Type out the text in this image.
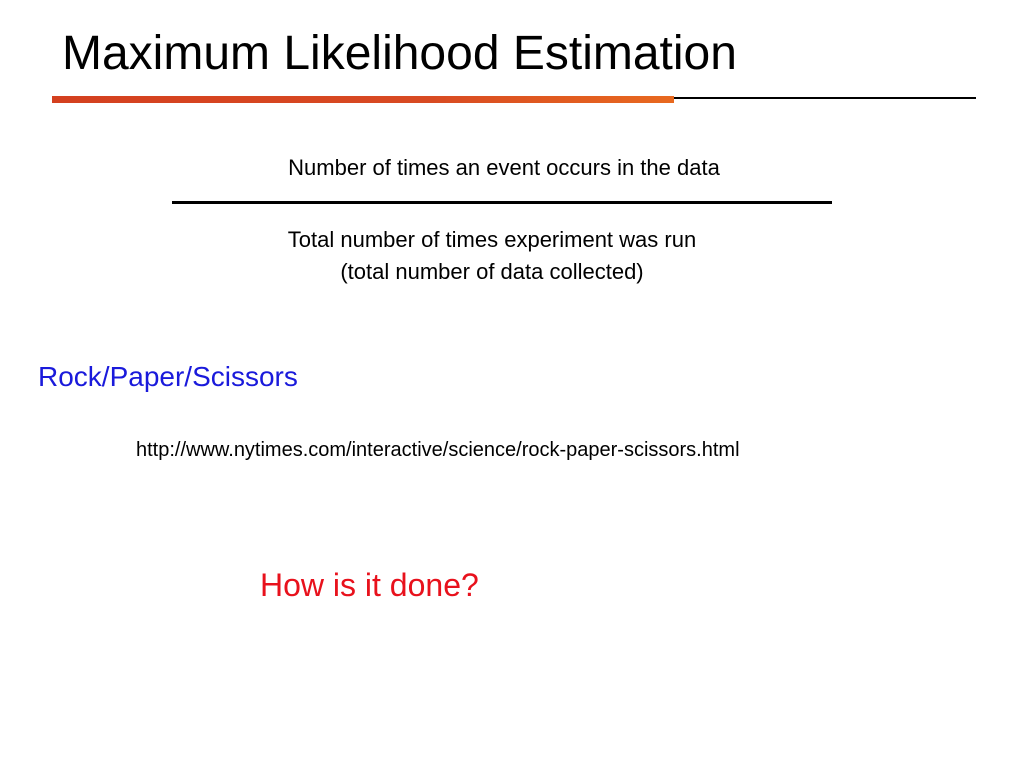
Maximum Likelihood Estimation
Number of times an event occurs in the data
Total number of times experiment was run
(total number of data collected)
Rock/Paper/Scissors
http://www.nytimes.com/interactive/science/rock-paper-scissors.html
How is it done?
